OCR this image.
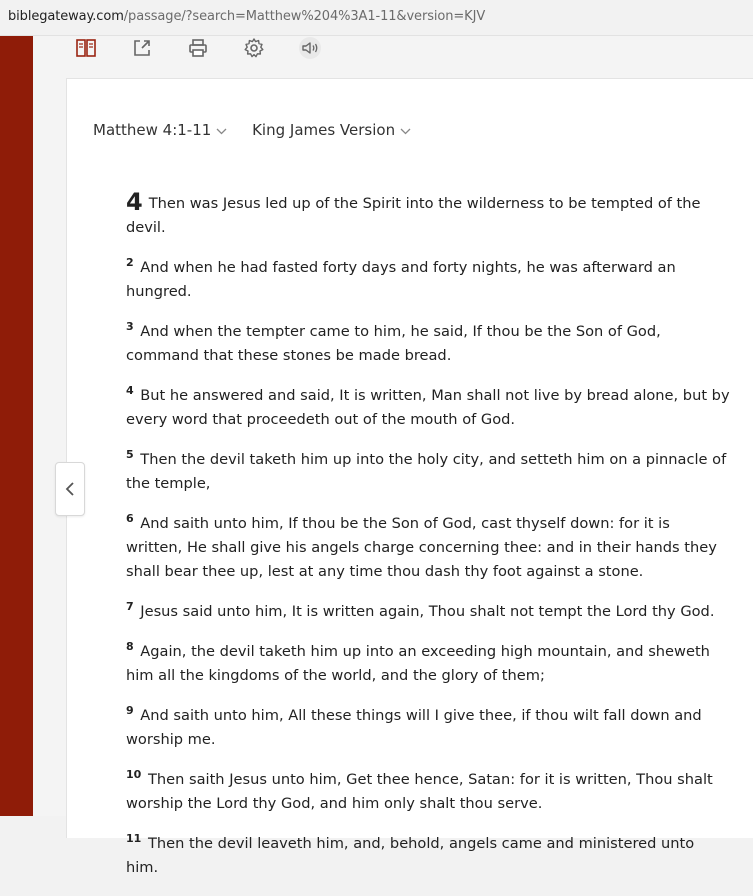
biblegateway.com/passage/?search=Matthew%204%3A1-11&version=KJV
Matthew 4:1-11
	King James Version

4 Then was Jesus led up of the Spirit into the wilderness to be tempted of the devil.

$^2$ And when he had fasted forty days and forty nights, he was afterward an hungred.

$^3$ And when the tempter came to him, he said, If thou be the Son of God, command that these stones be made bread.

$^4$ But he answered and said, It is written, Man shall not live by bread alone, but by every word that proceedeth out of the mouth of God.

$^5$ Then the devil taketh him up into the holy city, and setteth him on a pinnacle of the temple,

$^6$ And saith unto him, If thou be the Son of God, cast thyself down: for it is written, He shall give his angels charge concerning thee: and in their hands they shall bear thee up, lest at any time thou dash thy foot against a stone.

$^7$ Jesus said unto him, It is written again, Thou shalt not tempt the Lord thy God.

$^8$ Again, the devil taketh him up into an exceeding high mountain, and sheweth him all the kingdoms of the world, and the glory of them;

$^9$ And saith unto him, All these things will I give thee, if thou wilt fall down and worship me.

$^{10}$ Then saith Jesus unto him, Get thee hence, Satan: for it is written, Thou shalt worship the Lord thy God, and him only shalt thou serve.

$^{11}$ Then the devil leaveth him, and, behold, angels came and ministered unto him.
